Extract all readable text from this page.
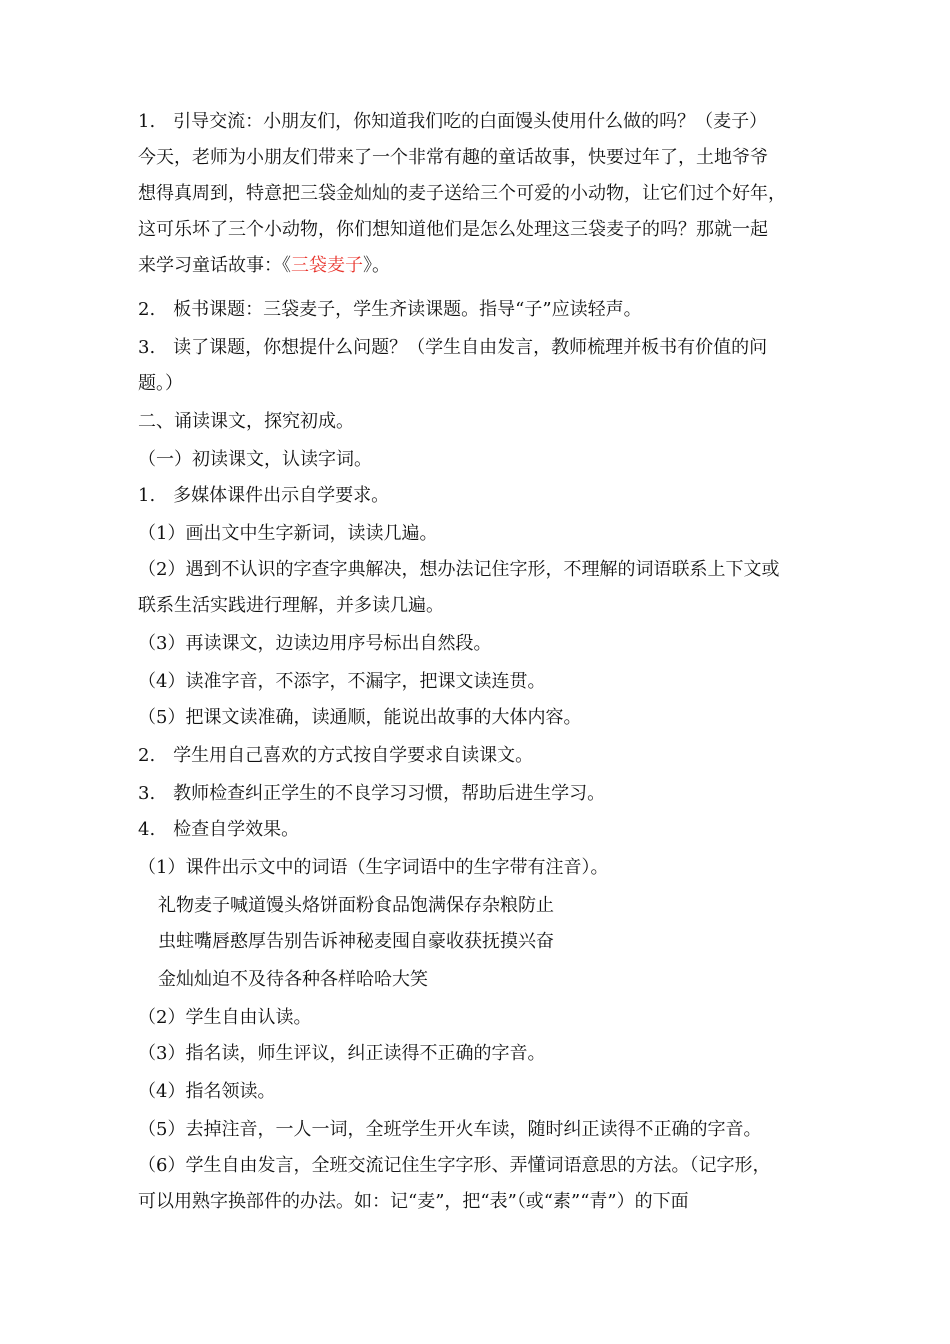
1.　引导交流：小朋友们，你知道我们吃的白面馒头使用什么做的吗？（麦子）
今天，老师为小朋友们带来了一个非常有趣的童话故事，快要过年了，土地爷爷
想得真周到，特意把三袋金灿灿的麦子送给三个可爱的小动物，让它们过个好年，
这可乐坏了三个小动物，你们想知道他们是怎么处理这三袋麦子的吗？那就一起
来学习童话故事：《三袋麦子》。
2.　板书课题：三袋麦子，学生齐读课题。指导“子”应读轻声。
3.　读了课题，你想提什么问题？（学生自由发言，教师梳理并板书有价值的问
题。）
二、诵读课文，探究初成。
（一）初读课文，认读字词。
1.　多媒体课件出示自学要求。
（1）画出文中生字新词，读读几遍。
（2）遇到不认识的字查字典解决，想办法记住字形，不理解的词语联系上下文或
联系生活实践进行理解，并多读几遍。
（3）再读课文，边读边用序号标出自然段。
（4）读准字音，不添字，不漏字，把课文读连贯。
（5）把课文读准确，读通顺，能说出故事的大体内容。
2.　学生用自己喜欢的方式按自学要求自读课文。
3.　教师检查纠正学生的不良学习习惯，帮助后进生学习。
4.　检查自学效果。
（1）课件出示文中的词语（生字词语中的生字带有注音）。
礼物麦子喊道馒头烙饼面粉食品饱满保存杂粮防止
虫蛀嘴唇憨厚告别告诉神秘麦囤自豪收获抚摸兴奋
金灿灿迫不及待各种各样哈哈大笑
（2）学生自由认读。
（3）指名读，师生评议，纠正读得不正确的字音。
（4）指名领读。
（5）去掉注音，一人一词，全班学生开火车读，随时纠正读得不正确的字音。
（6）学生自由发言，全班交流记住生字字形、弄懂词语意思的方法。（记字形，
可以用熟字换部件的办法。如：记“麦”，把“表”（或“素”“青”）的下面
